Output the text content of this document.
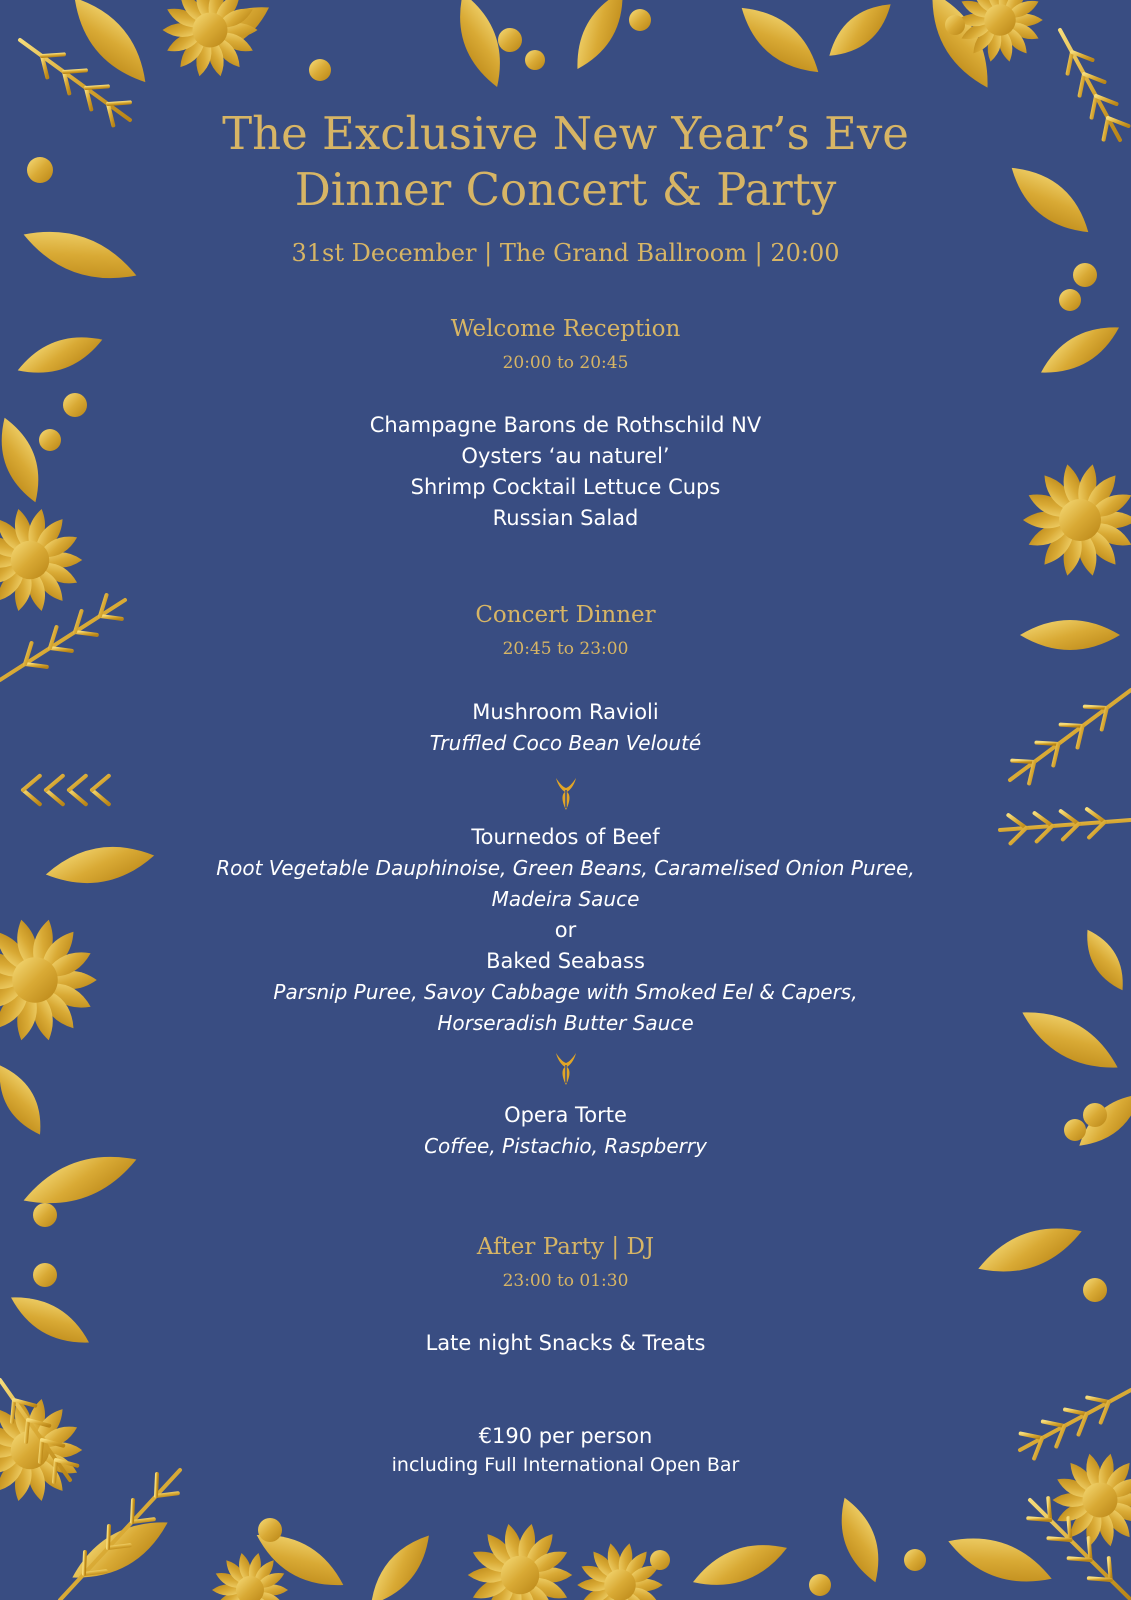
The Exclusive New Year’s Eve

Dinner Concert & Party

31st December | The Grand Ballroom | 20:00

Welcome Reception

20:00 to 20:45

Champagne Barons de Rothschild NV

Oysters ‘au naturel’

Shrimp Cocktail Lettuce Cups

Russian Salad

Concert Dinner

20:45 to 23:00

Mushroom Ravioli

Truffled Coco Bean Velouté

Tournedos of Beef

Root Vegetable Dauphinoise, Green Beans, Caramelised Onion Puree,

Madeira Sauce

or

Baked Seabass

Parsnip Puree, Savoy Cabbage with Smoked Eel & Capers,

Horseradish Butter Sauce

Opera Torte

Coffee, Pistachio, Raspberry

After Party | DJ

23:00 to 01:30

Late night Snacks & Treats

€190 per person

including Full International Open Bar
